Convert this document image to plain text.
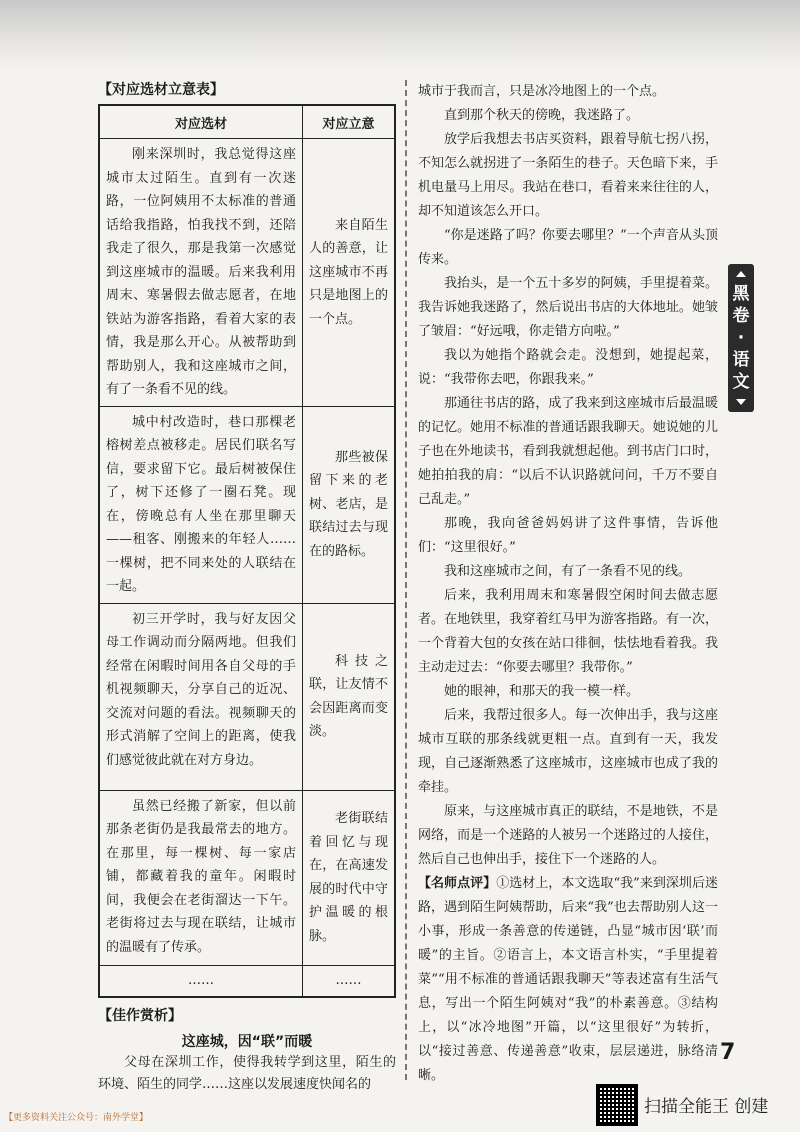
【对应选材立意表】
对应选材	对应立意
刚来深圳时，我总觉得这座城市太过陌生。直到有一次迷路，一位阿姨用不太标准的普通话给我指路，怕我找不到，还陪我走了很久，那是我第一次感觉到这座城市的温暖。后来我利用周末、寒暑假去做志愿者，在地铁站为游客指路，看着大家的表情，我是那么开心。从被帮助到帮助别人，我和这座城市之间，有了一条看不见的线。	来自陌生人的善意，让这座城市不再只是地图上的一个点。
城中村改造时，巷口那棵老榕树差点被移走。居民们联名写信，要求留下它。最后树被保住了，树下还修了一圈石凳。现在，傍晚总有人坐在那里聊天——租客、刚搬来的年轻人……一棵树，把不同来处的人联结在一起。	那些被保留下来的老树、老店，是联结过去与现在的路标。
初三开学时，我与好友因父母工作调动而分隔两地。但我们经常在闲暇时间用各自父母的手机视频聊天，分享自己的近况、交流对问题的看法。视频聊天的形式消解了空间上的距离，使我们感觉彼此就在对方身边。	科技之联，让友情不会因距离而变淡。
虽然已经搬了新家，但以前那条老街仍是我最常去的地方。在那里，每一棵树、每一家店铺，都藏着我的童年。闲暇时间，我便会在老街溜达一下午。老街将过去与现在联结，让城市的温暖有了传承。	老街联结着回忆与现在，在高速发展的时代中守护温暖的根脉。
……	……
【佳作赏析】
这座城，因“联”而暖

父母在深圳工作，使得我转学到这里，陌生的环境、陌生的同学……这座以发展速度快闻名的

城市于我而言，只是冰冷地图上的一个点。

直到那个秋天的傍晚，我迷路了。

放学后我想去书店买资料，跟着导航七拐八拐，不知怎么就拐进了一条陌生的巷子。天色暗下来，手机电量马上用尽。我站在巷口，看着来来往往的人，却不知道该怎么开口。

“你是迷路了吗？你要去哪里？”一个声音从头顶传来。

我抬头，是一个五十多岁的阿姨，手里提着菜。我告诉她我迷路了，然后说出书店的大体地址。她皱了皱眉：“好远哦，你走错方向啦。”

我以为她指个路就会走。没想到，她提起菜，说：“我带你去吧，你跟我来。”

那通往书店的路，成了我来到这座城市后最温暖的记忆。她用不标准的普通话跟我聊天。她说她的儿子也在外地读书，看到我就想起他。到书店门口时，她拍拍我的肩：“以后不认识路就问问，千万不要自己乱走。”

那晚，我向爸爸妈妈讲了这件事情，告诉他们：“这里很好。”

我和这座城市之间，有了一条看不见的线。

后来，我利用周末和寒暑假空闲时间去做志愿者。在地铁里，我穿着红马甲为游客指路。有一次，一个背着大包的女孩在站口徘徊，怯怯地看着我。我主动走过去：“你要去哪里？我带你。”

她的眼神，和那天的我一模一样。

后来，我帮过很多人。每一次伸出手，我与这座城市互联的那条线就更粗一点。直到有一天，我发现，自己逐渐熟悉了这座城市，这座城市也成了我的牵挂。

原来，与这座城市真正的联结，不是地铁，不是网络，而是一个迷路的人被另一个迷路过的人接住，然后自己也伸出手，接住下一个迷路的人。

【名师点评】①选材上，本文选取“我”来到深圳后迷路，遇到陌生阿姨帮助，后来“我”也去帮助别人这一小事，形成一条善意的传递链，凸显“城市因‘联’而暖”的主旨。②语言上，本文语言朴实，“手里提着菜”“用不标准的普通话跟我聊天”等表述富有生活气息，写出一个陌生阿姨对“我”的朴素善意。③结构上，以“冰冷地图”开篇，以“这里很好”为转折，以“接过善意、传递善意”收束，层层递进，脉络清晰。

黑
卷
·
语
文
7
扫描全能王 创建
【更多资料关注公众号：南外学堂】
